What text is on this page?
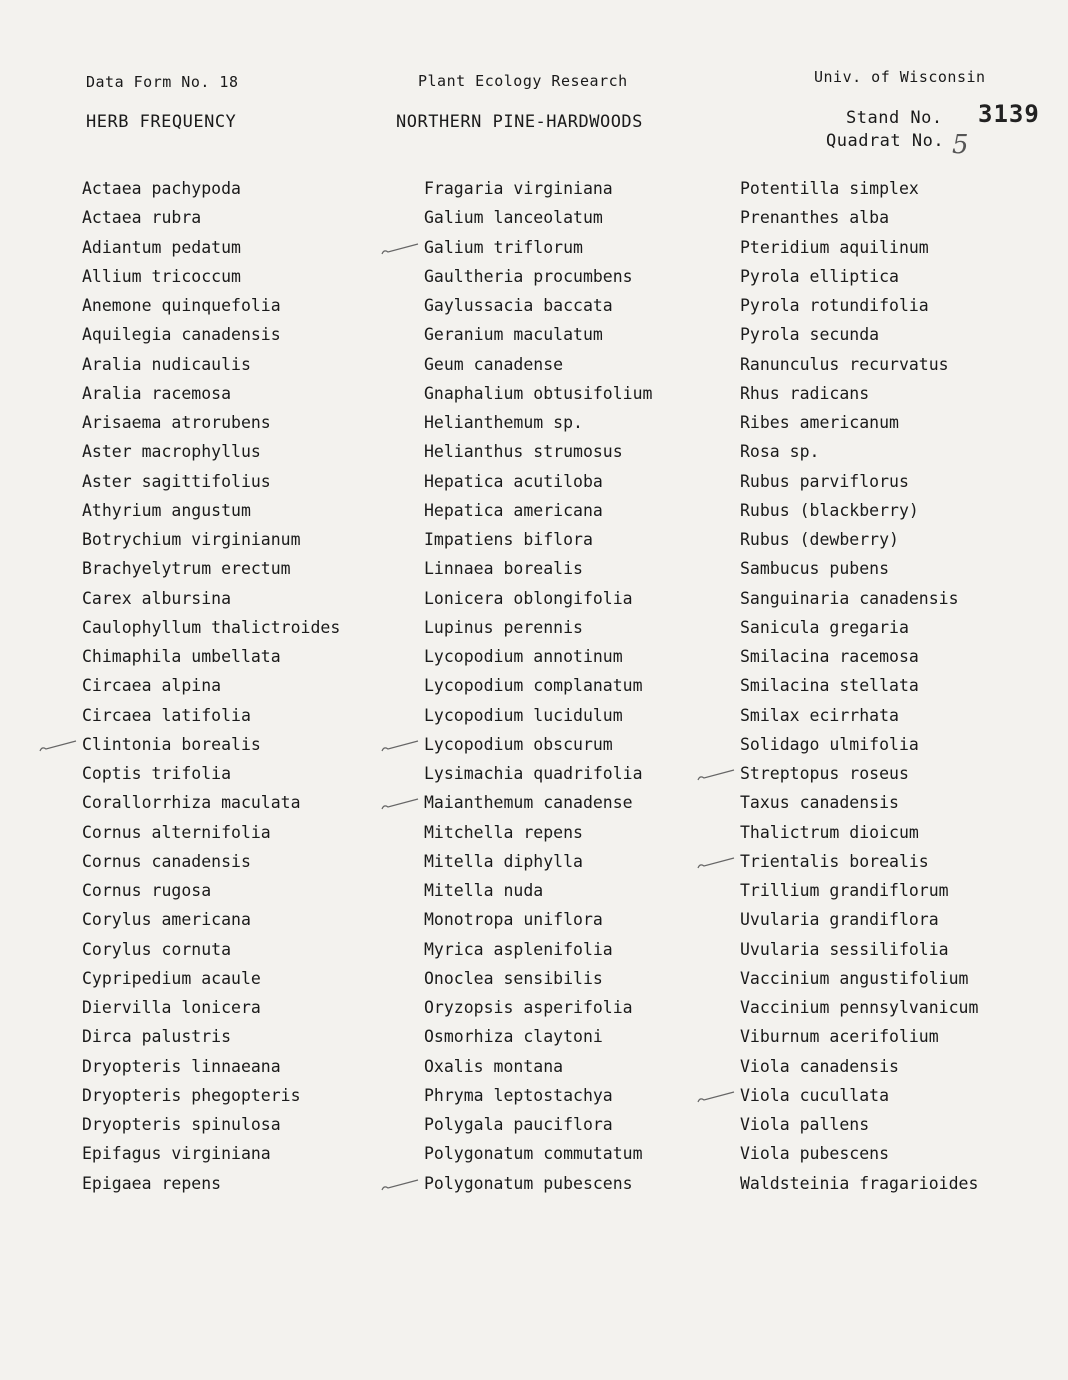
Data Form No. 18	Plant Ecology Research	Univ. of Wisconsin
HERB FREQUENCY	NORTHERN PINE-HARDWOODS	Stand No. 3139
Quadrat No. 5
Actaea pachypoda
Actaea rubra
Adiantum pedatum
Allium tricoccum
Anemone quinquefolia
Aquilegia canadensis
Aralia nudicaulis
Aralia racemosa
Arisaema atrorubens
Aster macrophyllus
Aster sagittifolius
Athyrium angustum
Botrychium virginianum
Brachyelytrum erectum
Carex albursina
Caulophyllum thalictroides
Chimaphila umbellata
Circaea alpina
Circaea latifolia
Clintonia borealis
Coptis trifolia
Corallorrhiza maculata
Cornus alternifolia
Cornus canadensis
Cornus rugosa
Corylus americana
Corylus cornuta
Cypripedium acaule
Diervilla lonicera
Dirca palustris
Dryopteris linnaeana
Dryopteris phegopteris
Dryopteris spinulosa
Epifagus virginiana
Epigaea repens
Fragaria virginiana
Galium lanceolatum
Galium triflorum
Gaultheria procumbens
Gaylussacia baccata
Geranium maculatum
Geum canadense
Gnaphalium obtusifolium
Helianthemum sp.
Helianthus strumosus
Hepatica acutiloba
Hepatica americana
Impatiens biflora
Linnaea borealis
Lonicera oblongifolia
Lupinus perennis
Lycopodium annotinum
Lycopodium complanatum
Lycopodium lucidulum
Lycopodium obscurum
Lysimachia quadrifolia
Maianthemum canadense
Mitchella repens
Mitella diphylla
Mitella nuda
Monotropa uniflora
Myrica asplenifolia
Onoclea sensibilis
Oryzopsis asperifolia
Osmorhiza claytoni
Oxalis montana
Phryma leptostachya
Polygala pauciflora
Polygonatum commutatum
Polygonatum pubescens
Potentilla simplex
Prenanthes alba
Pteridium aquilinum
Pyrola elliptica
Pyrola rotundifolia
Pyrola secunda
Ranunculus recurvatus
Rhus radicans
Ribes americanum
Rosa sp.
Rubus parviflorus
Rubus (blackberry)
Rubus (dewberry)
Sambucus pubens
Sanguinaria canadensis
Sanicula gregaria
Smilacina racemosa
Smilacina stellata
Smilax ecirrhata
Solidago ulmifolia
Streptopus roseus
Taxus canadensis
Thalictrum dioicum
Trientalis borealis
Trillium grandiflorum
Uvularia grandiflora
Uvularia sessilifolia
Vaccinium angustifolium
Vaccinium pennsylvanicum
Viburnum acerifolium
Viola canadensis
Viola cucullata
Viola pallens
Viola pubescens
Waldsteinia fragarioides
